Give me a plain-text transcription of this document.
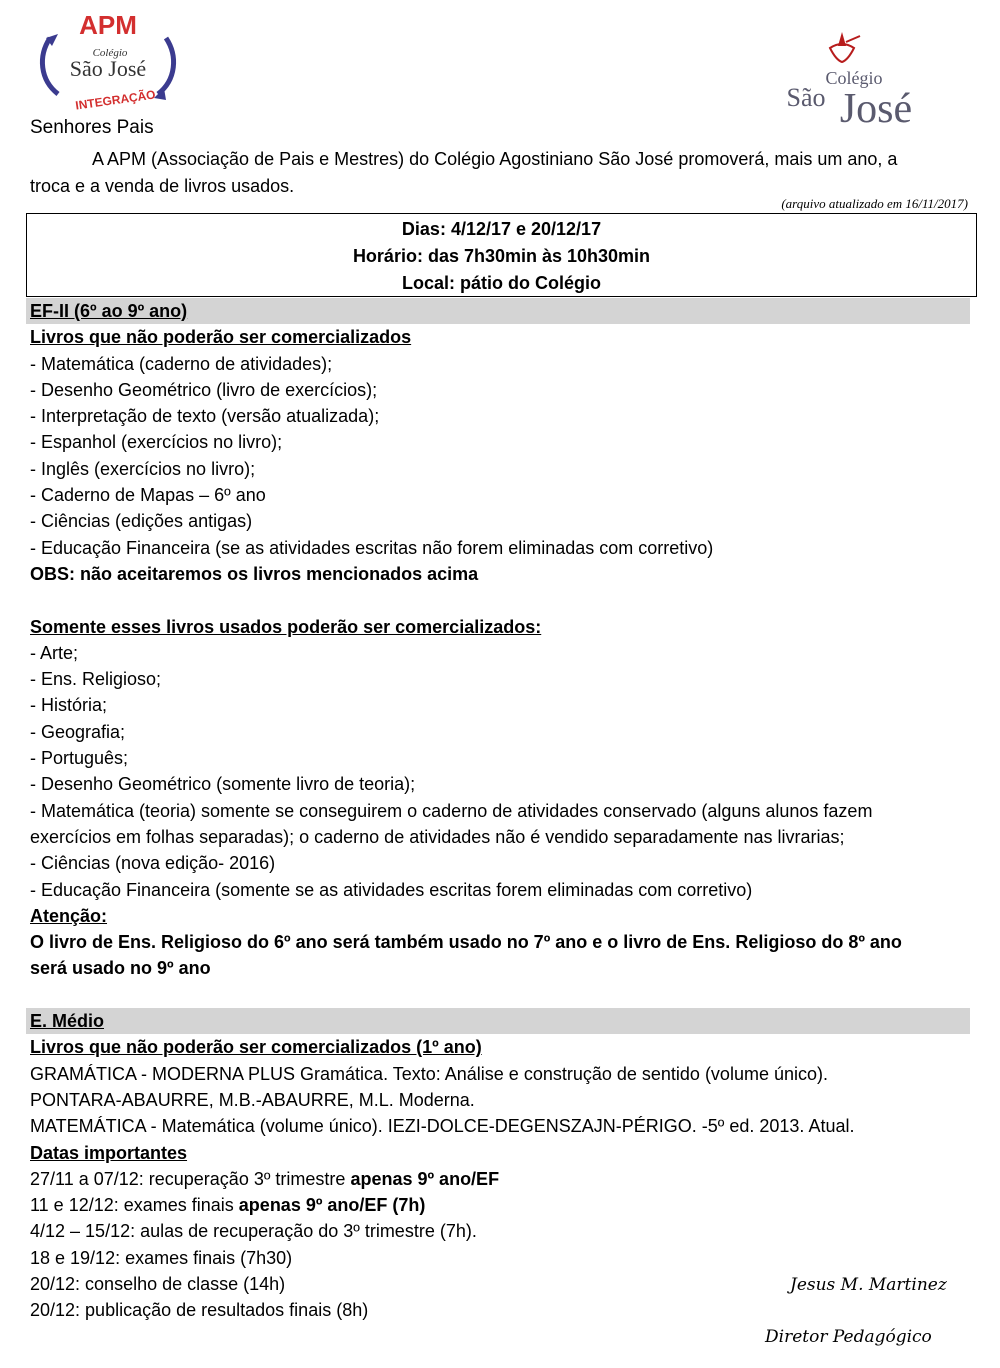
APM
Colégio
São José
INTEGRAÇÃO
Colégio
São José
Senhores Pais
A APM (Associação de Pais e Mestres) do Colégio Agostiniano São José promoverá, mais um ano, a
troca e a venda de livros usados.
(arquivo atualizado em 16/11/2017)
Dias: 4/12/17 e 20/12/17
Horário: das 7h30min às 10h30min
Local: pátio do Colégio
EF-II (6º ao 9º ano)
Livros que não poderão ser comercializados
- Matemática (caderno de atividades);
- Desenho Geométrico (livro de exercícios);
- Interpretação de texto (versão atualizada);
- Espanhol (exercícios no livro);
- Inglês (exercícios no livro);
- Caderno de Mapas – 6º ano
- Ciências (edições antigas)
- Educação Financeira (se as atividades escritas não forem eliminadas com corretivo)
OBS: não aceitaremos os livros mencionados acima
Somente esses livros usados poderão ser comercializados:
- Arte;
- Ens. Religioso;
- História;
- Geografia;
- Português;
- Desenho Geométrico (somente livro de teoria);
- Matemática (teoria) somente se conseguirem o caderno de atividades conservado (alguns alunos fazem
exercícios em folhas separadas); o caderno de atividades não é vendido separadamente nas livrarias;
- Ciências (nova edição- 2016)
- Educação Financeira (somente se as atividades escritas forem eliminadas com corretivo)
Atenção:
O livro de Ens. Religioso do 6º ano será também usado no 7º ano e o livro de Ens. Religioso do 8º ano
será usado no 9º ano
E. Médio
Livros que não poderão ser comercializados (1º ano)
GRAMÁTICA - MODERNA PLUS Gramática. Texto: Análise e construção de sentido (volume único).
PONTARA-ABAURRE, M.B.-ABAURRE, M.L. Moderna.
MATEMÁTICA - Matemática (volume único). IEZI-DOLCE-DEGENSZAJN-PÉRIGO. -5º ed. 2013. Atual.
Datas importantes
27/11 a 07/12: recuperação 3º trimestre apenas 9º ano/EF
11 e 12/12: exames finais apenas 9º ano/EF (7h)
4/12 – 15/12: aulas de recuperação do 3º trimestre (7h).
18 e 19/12: exames finais (7h30)
20/12: conselho de classe (14h)
20/12: publicação de resultados finais (8h)
Jesus M. Martinez
Diretor Pedagógico
